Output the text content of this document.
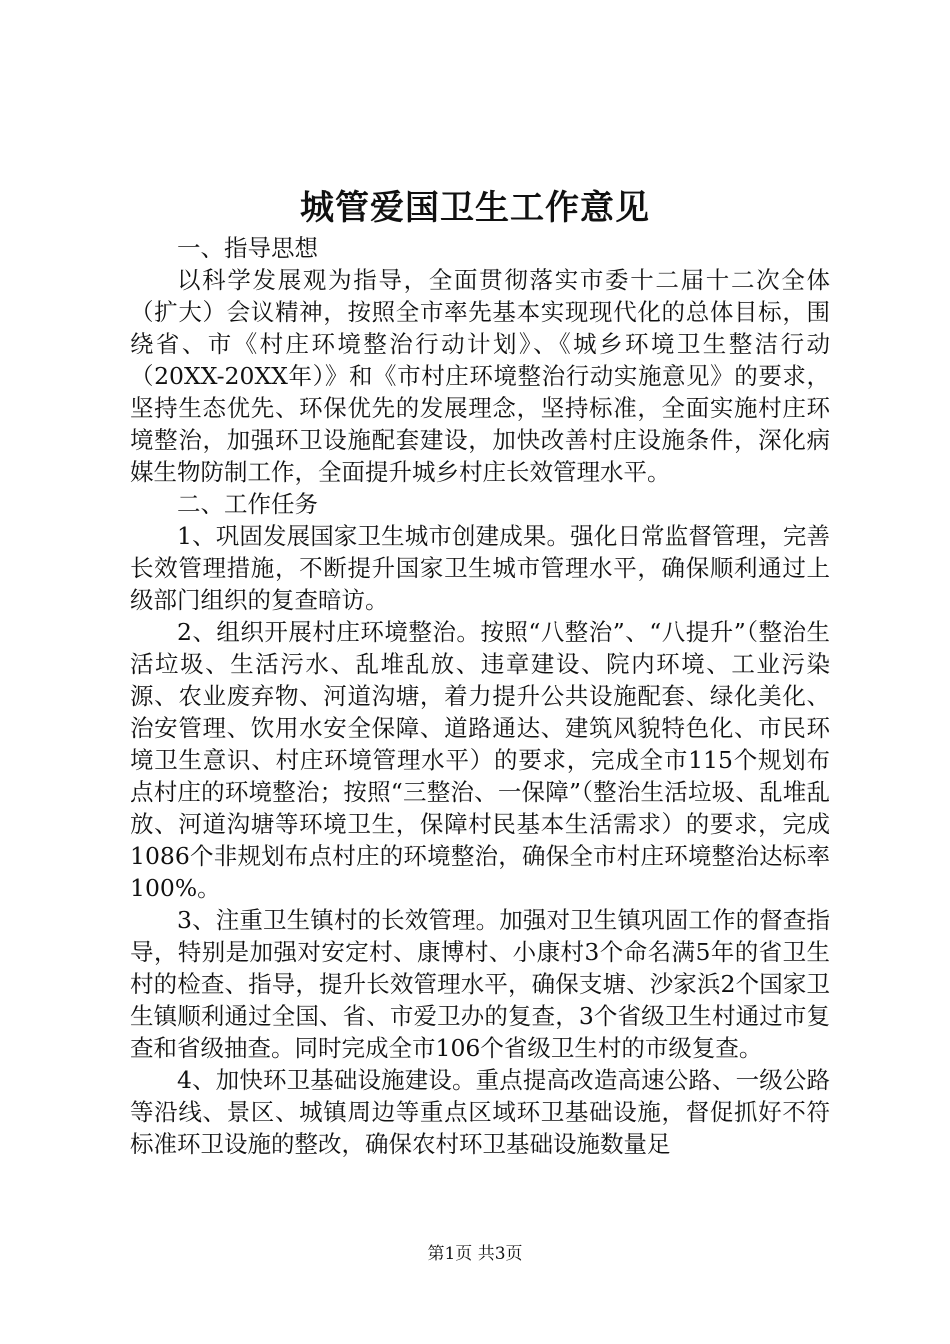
城管爱国卫生工作意见

一、指导思想

以科学发展观为指导，全面贯彻落实市委十二届十二次全体（扩大）会议精神，按照全市率先基本实现现代化的总体目标，围绕省、市《村庄环境整治行动计划》、《城乡环境卫生整洁行动（20XX-20XX年）》和《市村庄环境整治行动实施意见》的要求，坚持生态优先、环保优先的发展理念，坚持标准，全面实施村庄环境整治，加强环卫设施配套建设，加快改善村庄设施条件，深化病媒生物防制工作，全面提升城乡村庄长效管理水平。

二、工作任务

1、巩固发展国家卫生城市创建成果。强化日常监督管理，完善长效管理措施，不断提升国家卫生城市管理水平，确保顺利通过上级部门组织的复查暗访。

2、组织开展村庄环境整治。按照“八整治”、“八提升”（整治生活垃圾、生活污水、乱堆乱放、违章建设、院内环境、工业污染源、农业废弃物、河道沟塘，着力提升公共设施配套、绿化美化、治安管理、饮用水安全保障、道路通达、建筑风貌特色化、市民环境卫生意识、村庄环境管理水平）的要求，完成全市115个规划布点村庄的环境整治；按照“三整治、一保障”（整治生活垃圾、乱堆乱放、河道沟塘等环境卫生，保障村民基本生活需求）的要求，完成1086个非规划布点村庄的环境整治，确保全市村庄环境整治达标率100%。

3、注重卫生镇村的长效管理。加强对卫生镇巩固工作的督查指导，特别是加强对安定村、康博村、小康村3个命名满5年的省卫生村的检查、指导，提升长效管理水平，确保支塘、沙家浜2个国家卫生镇顺利通过全国、省、市爱卫办的复查，3个省级卫生村通过市复查和省级抽查。同时完成全市106个省级卫生村的市级复查。

4、加快环卫基础设施建设。重点提高改造高速公路、一级公路等沿线、景区、城镇周边等重点区域环卫基础设施，督促抓好不符标准环卫设施的整改，确保农村环卫基础设施数量足

第1页 共3页
